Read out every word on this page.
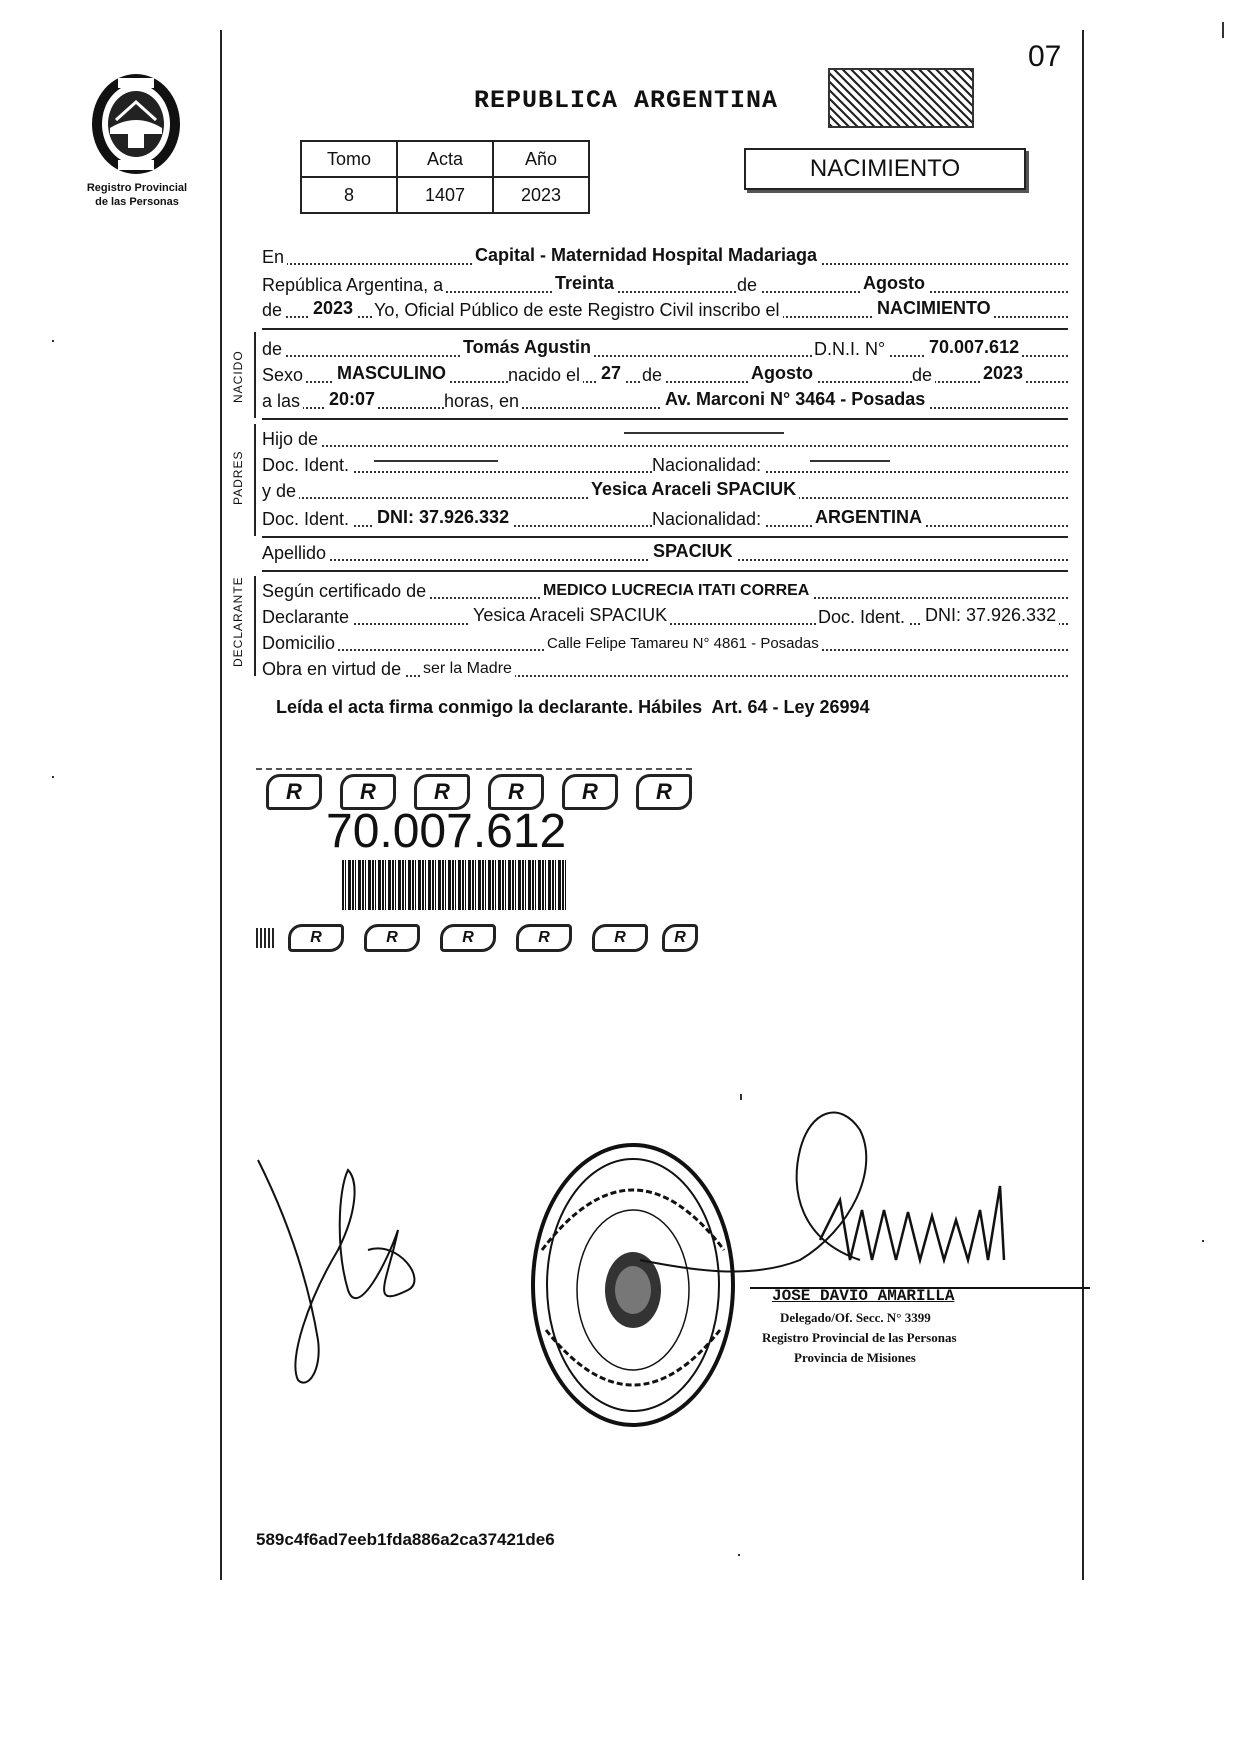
07
Registro Provincial
de las Personas
REPUBLICA ARGENTINA
Tomo	Acta	Año
8	1407	2023
NACIMIENTO
En	Capital - Maternidad Hospital Madariaga
República Argentina, a	Treinta	de	Agosto
de 2023 Yo, Oficial Público de este Registro Civil inscribo el	NACIMIENTO
NACIDO
de	Tomás Agustin	D.N.I. N° 70.007.612
Sexo MASCULINO	nacido el 27 de	Agosto	de	2023
a las 20:07	horas, en	Av. Marconi N° 3464 - Posadas
PADRES
Hijo de
Doc. Ident.	Nacionalidad:
y de	Yesica Araceli SPACIUK
Doc. Ident. DNI: 37.926.332	Nacionalidad:	ARGENTINA
Apellido	SPACIUK
DECLARANTE Según certificado de	MEDICO LUCRECIA ITATI CORREA
Declarante	Yesica Araceli SPACIUK	Doc. Ident. DNI: 37.926.332
Domicilio	Calle Felipe Tamareu N° 4861 - Posadas
Obra en virtud de ser la Madre
Leída el acta firma conmigo la declarante. Hábiles  Art. 64 - Ley 26994
R	R	R	R	R	R
70.007.612
R	R	R	R	R	R
JOSE DAVIO AMARILLA
Delegado/Of. Secc. N° 3399
Registro Provincial de las Personas
Provincia de Misiones
589c4f6ad7eeb1fda886a2ca37421de6
